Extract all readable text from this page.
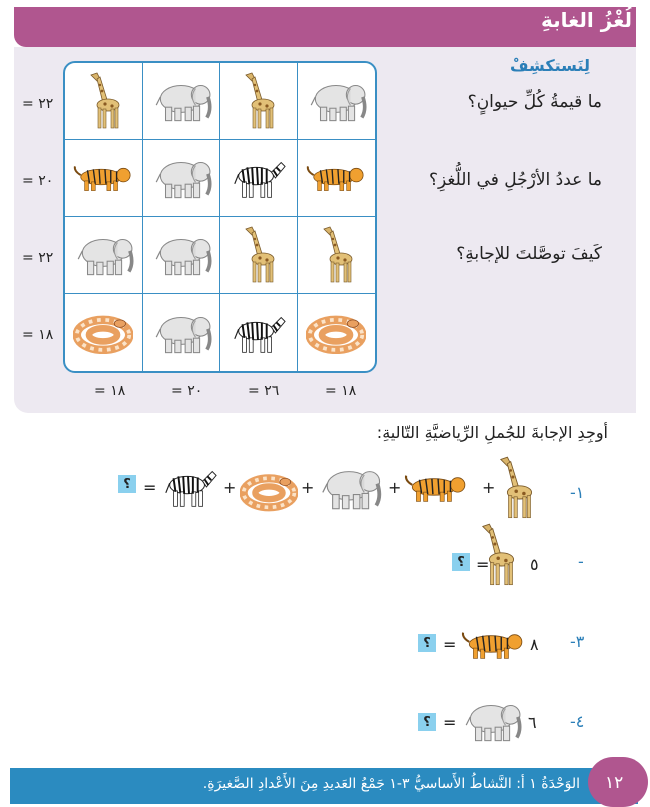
لُغْزُ الغابةِ
٢٢ =
٢٠ =
٢٢ =
١٨ =
١٨ =
٢٦ =
٢٠ =
١٨ =
لِنَستكشِفْ
ما قيمةُ كُلِّ حيوانٍ؟
ما عددُ الأرْجُلِ في اللُّغزِ؟
كَيفَ توصَّلتَ للإجابةِ؟
أوجِدِ الإجابةَ للجُملِ الرِّياضيَّةِ التّاليةِ:
١-
+
+
+
+
=
؟
-
٥
=
؟
٣-
٨
=
؟
٤-
٦
=
؟
الوَحْدَةُ ١ أ: النَّشاطُ الأَساسيُّ ٣-١ جَمْعُ العَديدِ مِنَ الأَعْدادِ الصَّغيرَةِ. ١٢
